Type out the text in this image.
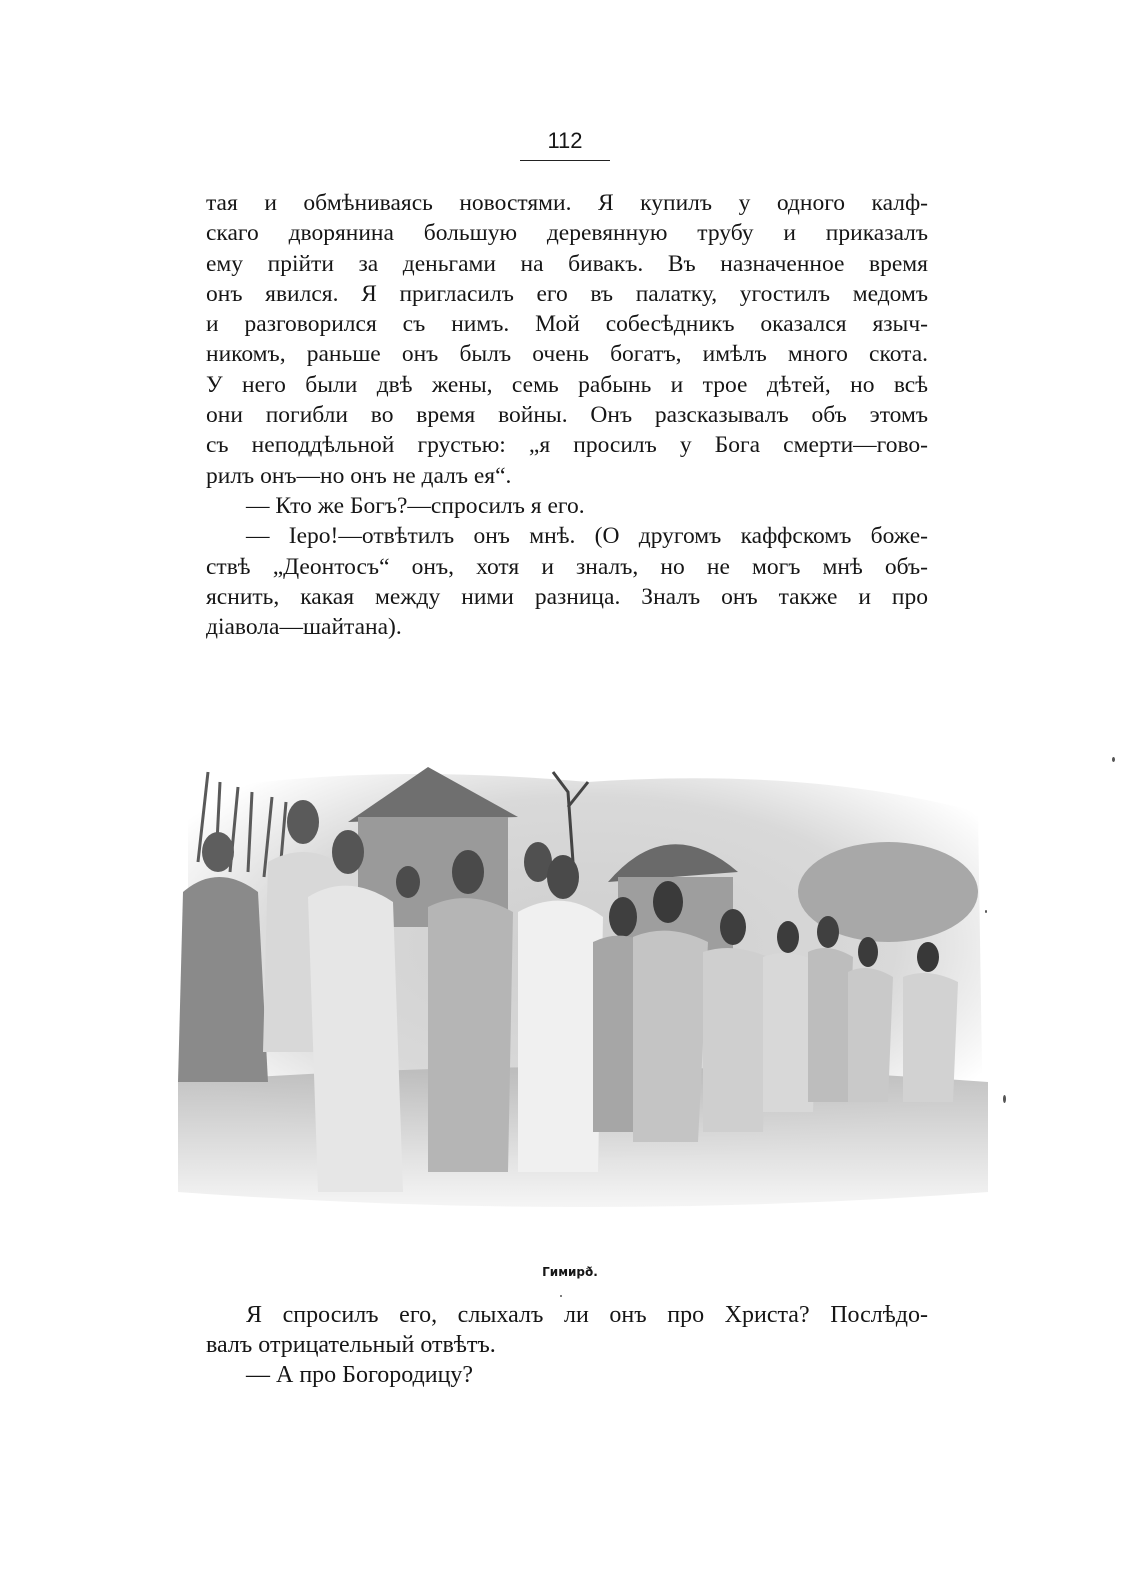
112
тая и обмѣниваясь новостями. Я купилъ у одного калф-
скаго дворянина большую деревянную трубу и приказалъ
ему прійти за деньгами на бивакъ. Въ назначенное время
онъ явился. Я пригласилъ его въ палатку, угостилъ медомъ
и разговорился съ нимъ. Мой собесѣдникъ оказался языч-
никомъ, раньше онъ былъ очень богатъ, имѣлъ много скота.
У него были двѣ жены, семь рабынь и трое дѣтей, но всѣ
они погибли во время войны. Онъ разсказывалъ объ этомъ
съ неподдѣльной грустью: „я просилъ у Бога смерти—гово-
рилъ онъ—но онъ не далъ ея“.
— Кто же Богъ?—спросилъ я его.
— Іеро!—отвѣтилъ онъ мнѣ. (О другомъ каффскомъ боже-
ствѣ „Деонтосъ“ онъ, хотя и зналъ, но не могъ мнѣ объ-
яснить, какая между ними разница. Зналъ онъ также и про
діавола—шайтана).
Гимирð.
Я спросилъ его, слыхалъ ли онъ про Христа? Послѣдо-
валъ отрицательный отвѣтъ.
— А про Богородицу?
